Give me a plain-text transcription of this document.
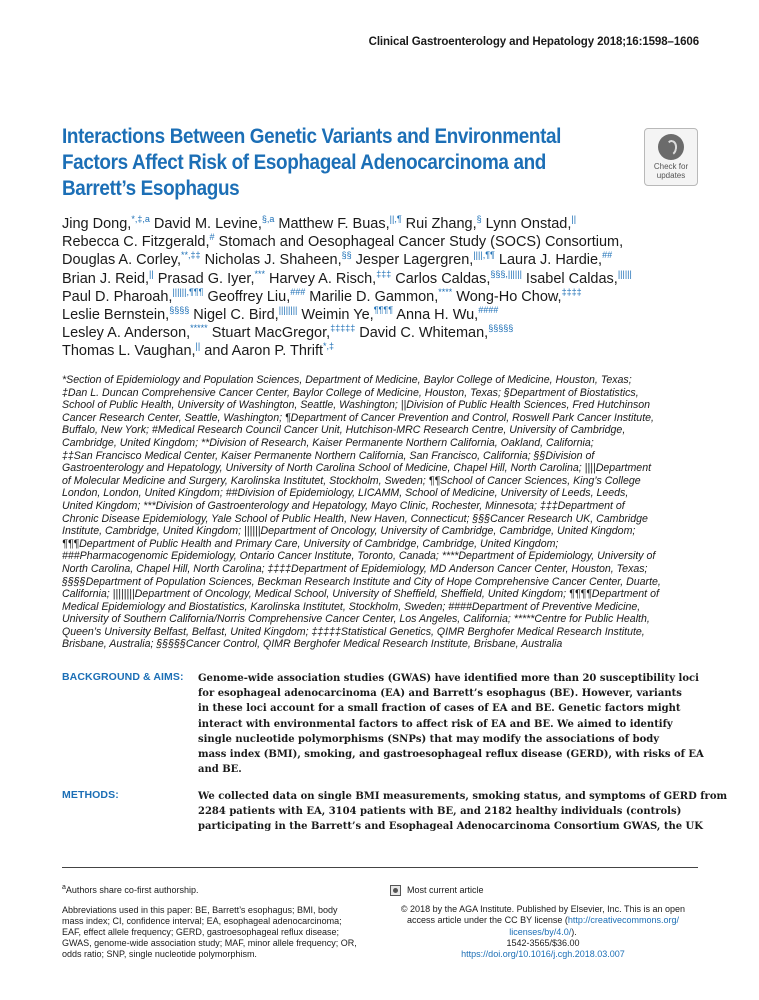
Clinical Gastroenterology and Hepatology 2018;16:1598–1606
Interactions Between Genetic Variants and Environmental
Factors Affect Risk of Esophageal Adenocarcinoma and
Barrett’s Esophagus
Check for
updates
Jing Dong,$^{*,\ddagger,a}$ David M. Levine,$^{\S,a}$ Matthew F. Buas,||,¶ Rui Zhang,§ Lynn Onstad,||
Rebecca C. Fitzgerald,# Stomach and Oesophageal Cancer Study (SOCS) Consortium,
Douglas A. Corley,**,‡‡ Nicholas J. Shaheen,§§ Jesper Lagergren,||||,¶¶ Laura J. Hardie,##
Brian J. Reid,|| Prasad G. Iyer,*** Harvey A. Risch,‡‡‡ Carlos Caldas,§§§,|||||| Isabel Caldas,||||||
Paul D. Pharoah,||||||,¶¶¶ Geoffrey Liu,### Marilie D. Gammon,**** Wong-Ho Chow,‡‡‡‡
Leslie Bernstein,§§§§ Nigel C. Bird,|||||||| Weimin Ye,¶¶¶¶ Anna H. Wu,####
Lesley A. Anderson,***** Stuart MacGregor,‡‡‡‡‡ David C. Whiteman,§§§§§
Thomas L. Vaughan,|| and Aaron P. Thrift*,‡
*Section of Epidemiology and Population Sciences, Department of Medicine, Baylor College of Medicine, Houston, Texas;
‡Dan L. Duncan Comprehensive Cancer Center, Baylor College of Medicine, Houston, Texas; §Department of Biostatistics,
School of Public Health, University of Washington, Seattle, Washington; ||Division of Public Health Sciences, Fred Hutchinson
Cancer Research Center, Seattle, Washington; ¶Department of Cancer Prevention and Control, Roswell Park Cancer Institute,
Buffalo, New York; #Medical Research Council Cancer Unit, Hutchison-MRC Research Centre, University of Cambridge,
Cambridge, United Kingdom; **Division of Research, Kaiser Permanente Northern California, Oakland, California;
‡‡San Francisco Medical Center, Kaiser Permanente Northern California, San Francisco, California; §§Division of
Gastroenterology and Hepatology, University of North Carolina School of Medicine, Chapel Hill, North Carolina; ||||Department
of Molecular Medicine and Surgery, Karolinska Institutet, Stockholm, Sweden; ¶¶School of Cancer Sciences, King’s College
London, London, United Kingdom; ##Division of Epidemiology, LICAMM, School of Medicine, University of Leeds, Leeds,
United Kingdom; ***Division of Gastroenterology and Hepatology, Mayo Clinic, Rochester, Minnesota; ‡‡‡Department of
Chronic Disease Epidemiology, Yale School of Public Health, New Haven, Connecticut; §§§Cancer Research UK, Cambridge
Institute, Cambridge, United Kingdom; ||||||Department of Oncology, University of Cambridge, Cambridge, United Kingdom;
¶¶¶Department of Public Health and Primary Care, University of Cambridge, Cambridge, United Kingdom;
###Pharmacogenomic Epidemiology, Ontario Cancer Institute, Toronto, Canada; ****Department of Epidemiology, University of
North Carolina, Chapel Hill, North Carolina; ‡‡‡‡Department of Epidemiology, MD Anderson Cancer Center, Houston, Texas;
§§§§Department of Population Sciences, Beckman Research Institute and City of Hope Comprehensive Cancer Center, Duarte,
California; ||||||||Department of Oncology, Medical School, University of Sheffield, Sheffield, United Kingdom; ¶¶¶¶Department of
Medical Epidemiology and Biostatistics, Karolinska Institutet, Stockholm, Sweden; ####Department of Preventive Medicine,
University of Southern California/Norris Comprehensive Cancer Center, Los Angeles, California; *****Centre for Public Health,
Queen’s University Belfast, Belfast, United Kingdom; ‡‡‡‡‡Statistical Genetics, QIMR Berghofer Medical Research Institute,
Brisbane, Australia; §§§§§Cancer Control, QIMR Berghofer Medical Research Institute, Brisbane, Australia
BACKGROUND & AIMS: Genome-wide association studies (GWAS) have identified more than 20 susceptibility loci
for esophageal adenocarcinoma (EA) and Barrett’s esophagus (BE). However, variants
in these loci account for a small fraction of cases of EA and BE. Genetic factors might
interact with environmental factors to affect risk of EA and BE. We aimed to identify
single nucleotide polymorphisms (SNPs) that may modify the associations of body
mass index (BMI), smoking, and gastroesophageal reflux disease (GERD), with risks of EA
and BE.
METHODS:	We collected data on single BMI measurements, smoking status, and symptoms of GERD from
2284 patients with EA, 3104 patients with BE, and 2182 healthy individuals (controls)
participating in the Barrett’s and Esophageal Adenocarcinoma Consortium GWAS, the UK
$^a$Authors share co-first authorship.
Abbreviations used in this paper: BE, Barrett’s esophagus; BMI, body
mass index; CI, confidence interval; EA, esophageal adenocarcinoma;
EAF, effect allele frequency; GERD, gastroesophageal reflux disease;
GWAS, genome-wide association study; MAF, minor allele frequency; OR,
odds ratio; SNP, single nucleotide polymorphism.
Most current article
© 2018 by the AGA Institute. Published by Elsevier, Inc. This is an open
access article under the CC BY license (http://creativecommons.org/
licenses/by/4.0/).
1542-3565/$36.00
https://doi.org/10.1016/j.cgh.2018.03.007
